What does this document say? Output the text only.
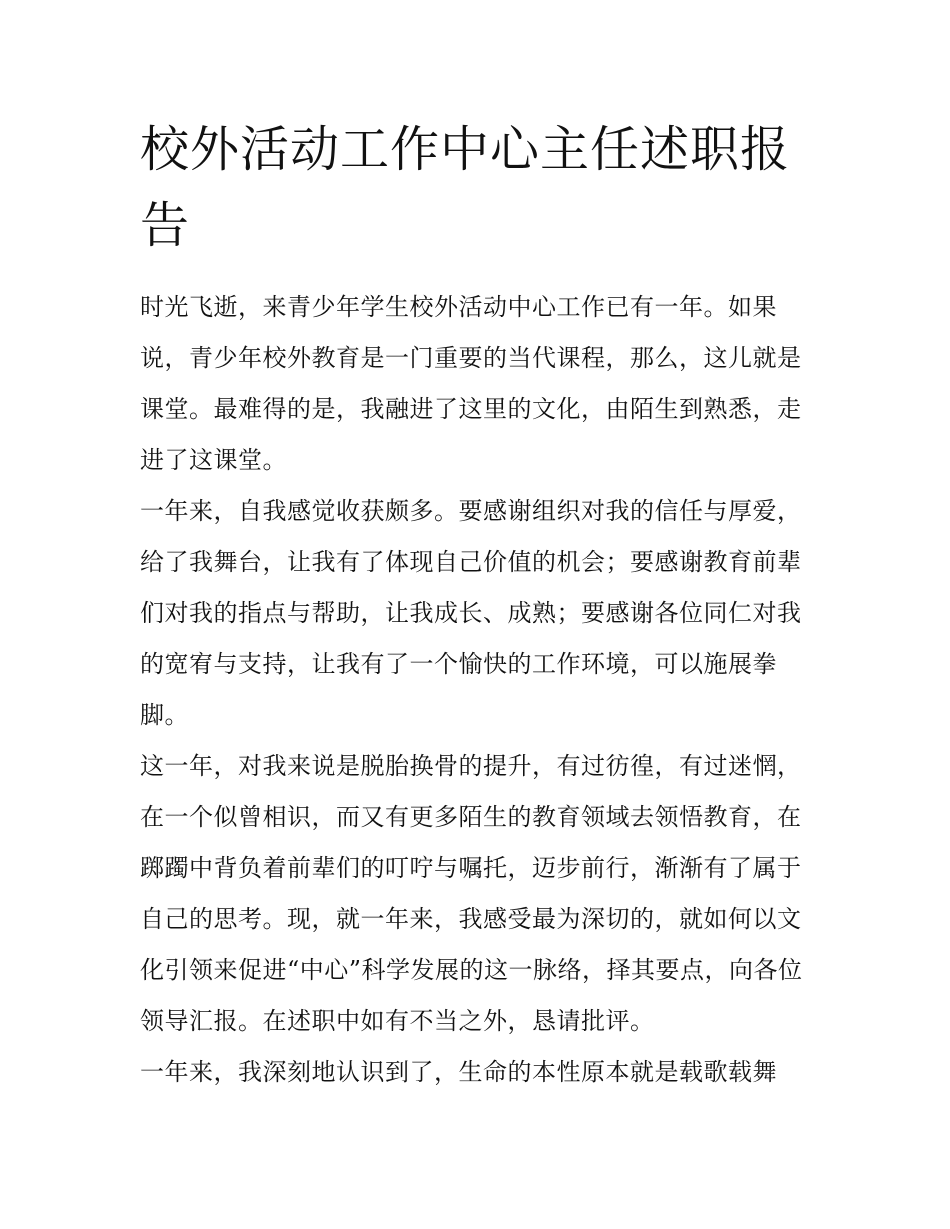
校外活动工作中心主任述职报告

时光飞逝，来青少年学生校外活动中心工作已有一年。如果说，青少年校外教育是一门重要的当代课程，那么，这儿就是课堂。最难得的是，我融进了这里的文化，由陌生到熟悉，走进了这课堂。

一年来，自我感觉收获颇多。要感谢组织对我的信任与厚爱，给了我舞台，让我有了体现自己价值的机会；要感谢教育前辈们对我的指点与帮助，让我成长、成熟；要感谢各位同仁对我的宽宥与支持，让我有了一个愉快的工作环境，可以施展拳脚。

这一年，对我来说是脱胎换骨的提升，有过彷徨，有过迷惘，在一个似曾相识，而又有更多陌生的教育领域去领悟教育，在踯躅中背负着前辈们的叮咛与嘱托，迈步前行，渐渐有了属于自己的思考。现，就一年来，我感受最为深切的，就如何以文化引领来促进“中心”科学发展的这一脉络，择其要点，向各位领导汇报。在述职中如有不当之外，恳请批评。

一年来，我深刻地认识到了，生命的本性原本就是载歌载舞
